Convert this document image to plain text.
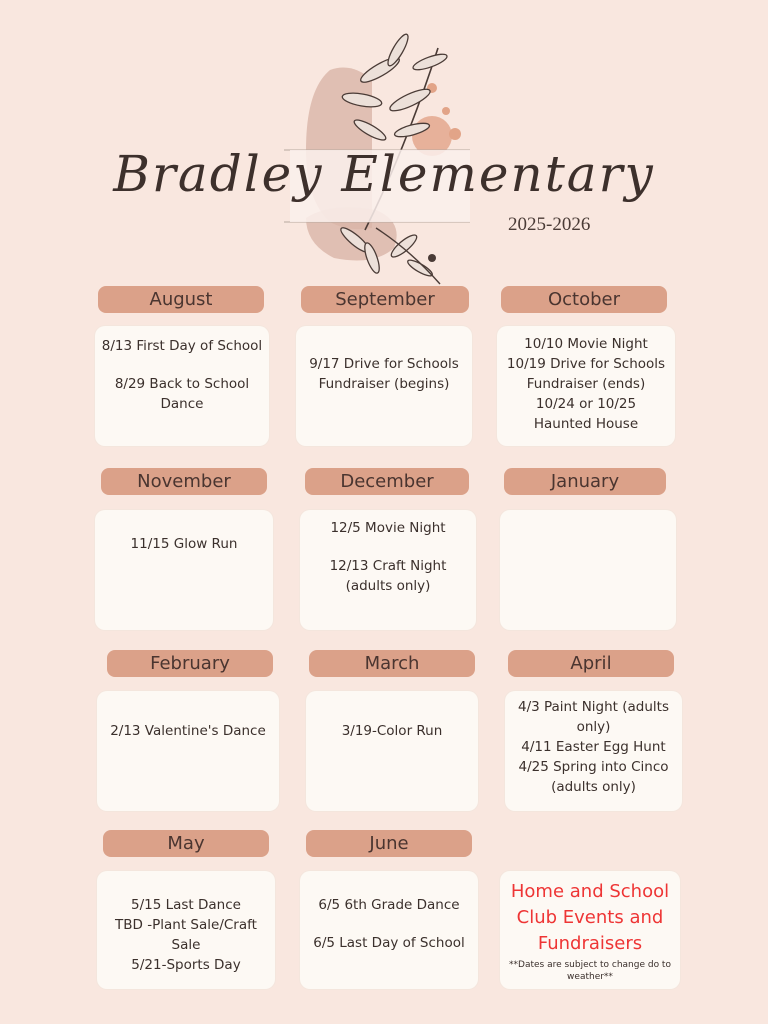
Bradley Elementary
2025-2026
August
8/13 First Day of School
8/29 Back to School
Dance
September
9/17 Drive for Schools
Fundraiser (begins)
October
10/10 Movie Night
10/19 Drive for Schools
Fundraiser (ends)
10/24 or 10/25
Haunted House
November
11/15 Glow Run
December
12/5 Movie Night
12/13 Craft Night
(adults only)
January
February
2/13 Valentine's Dance
March
3/19-Color Run
April
4/3 Paint Night (adults
only)
4/11 Easter Egg Hunt
4/25 Spring into Cinco
(adults only)
May
5/15 Last Dance
TBD -Plant Sale/Craft
Sale
5/21-Sports Day
June
6/5 6th Grade Dance
6/5 Last Day of School
Home and School
Club Events and
Fundraisers
**Dates are subject to change do to
weather**
